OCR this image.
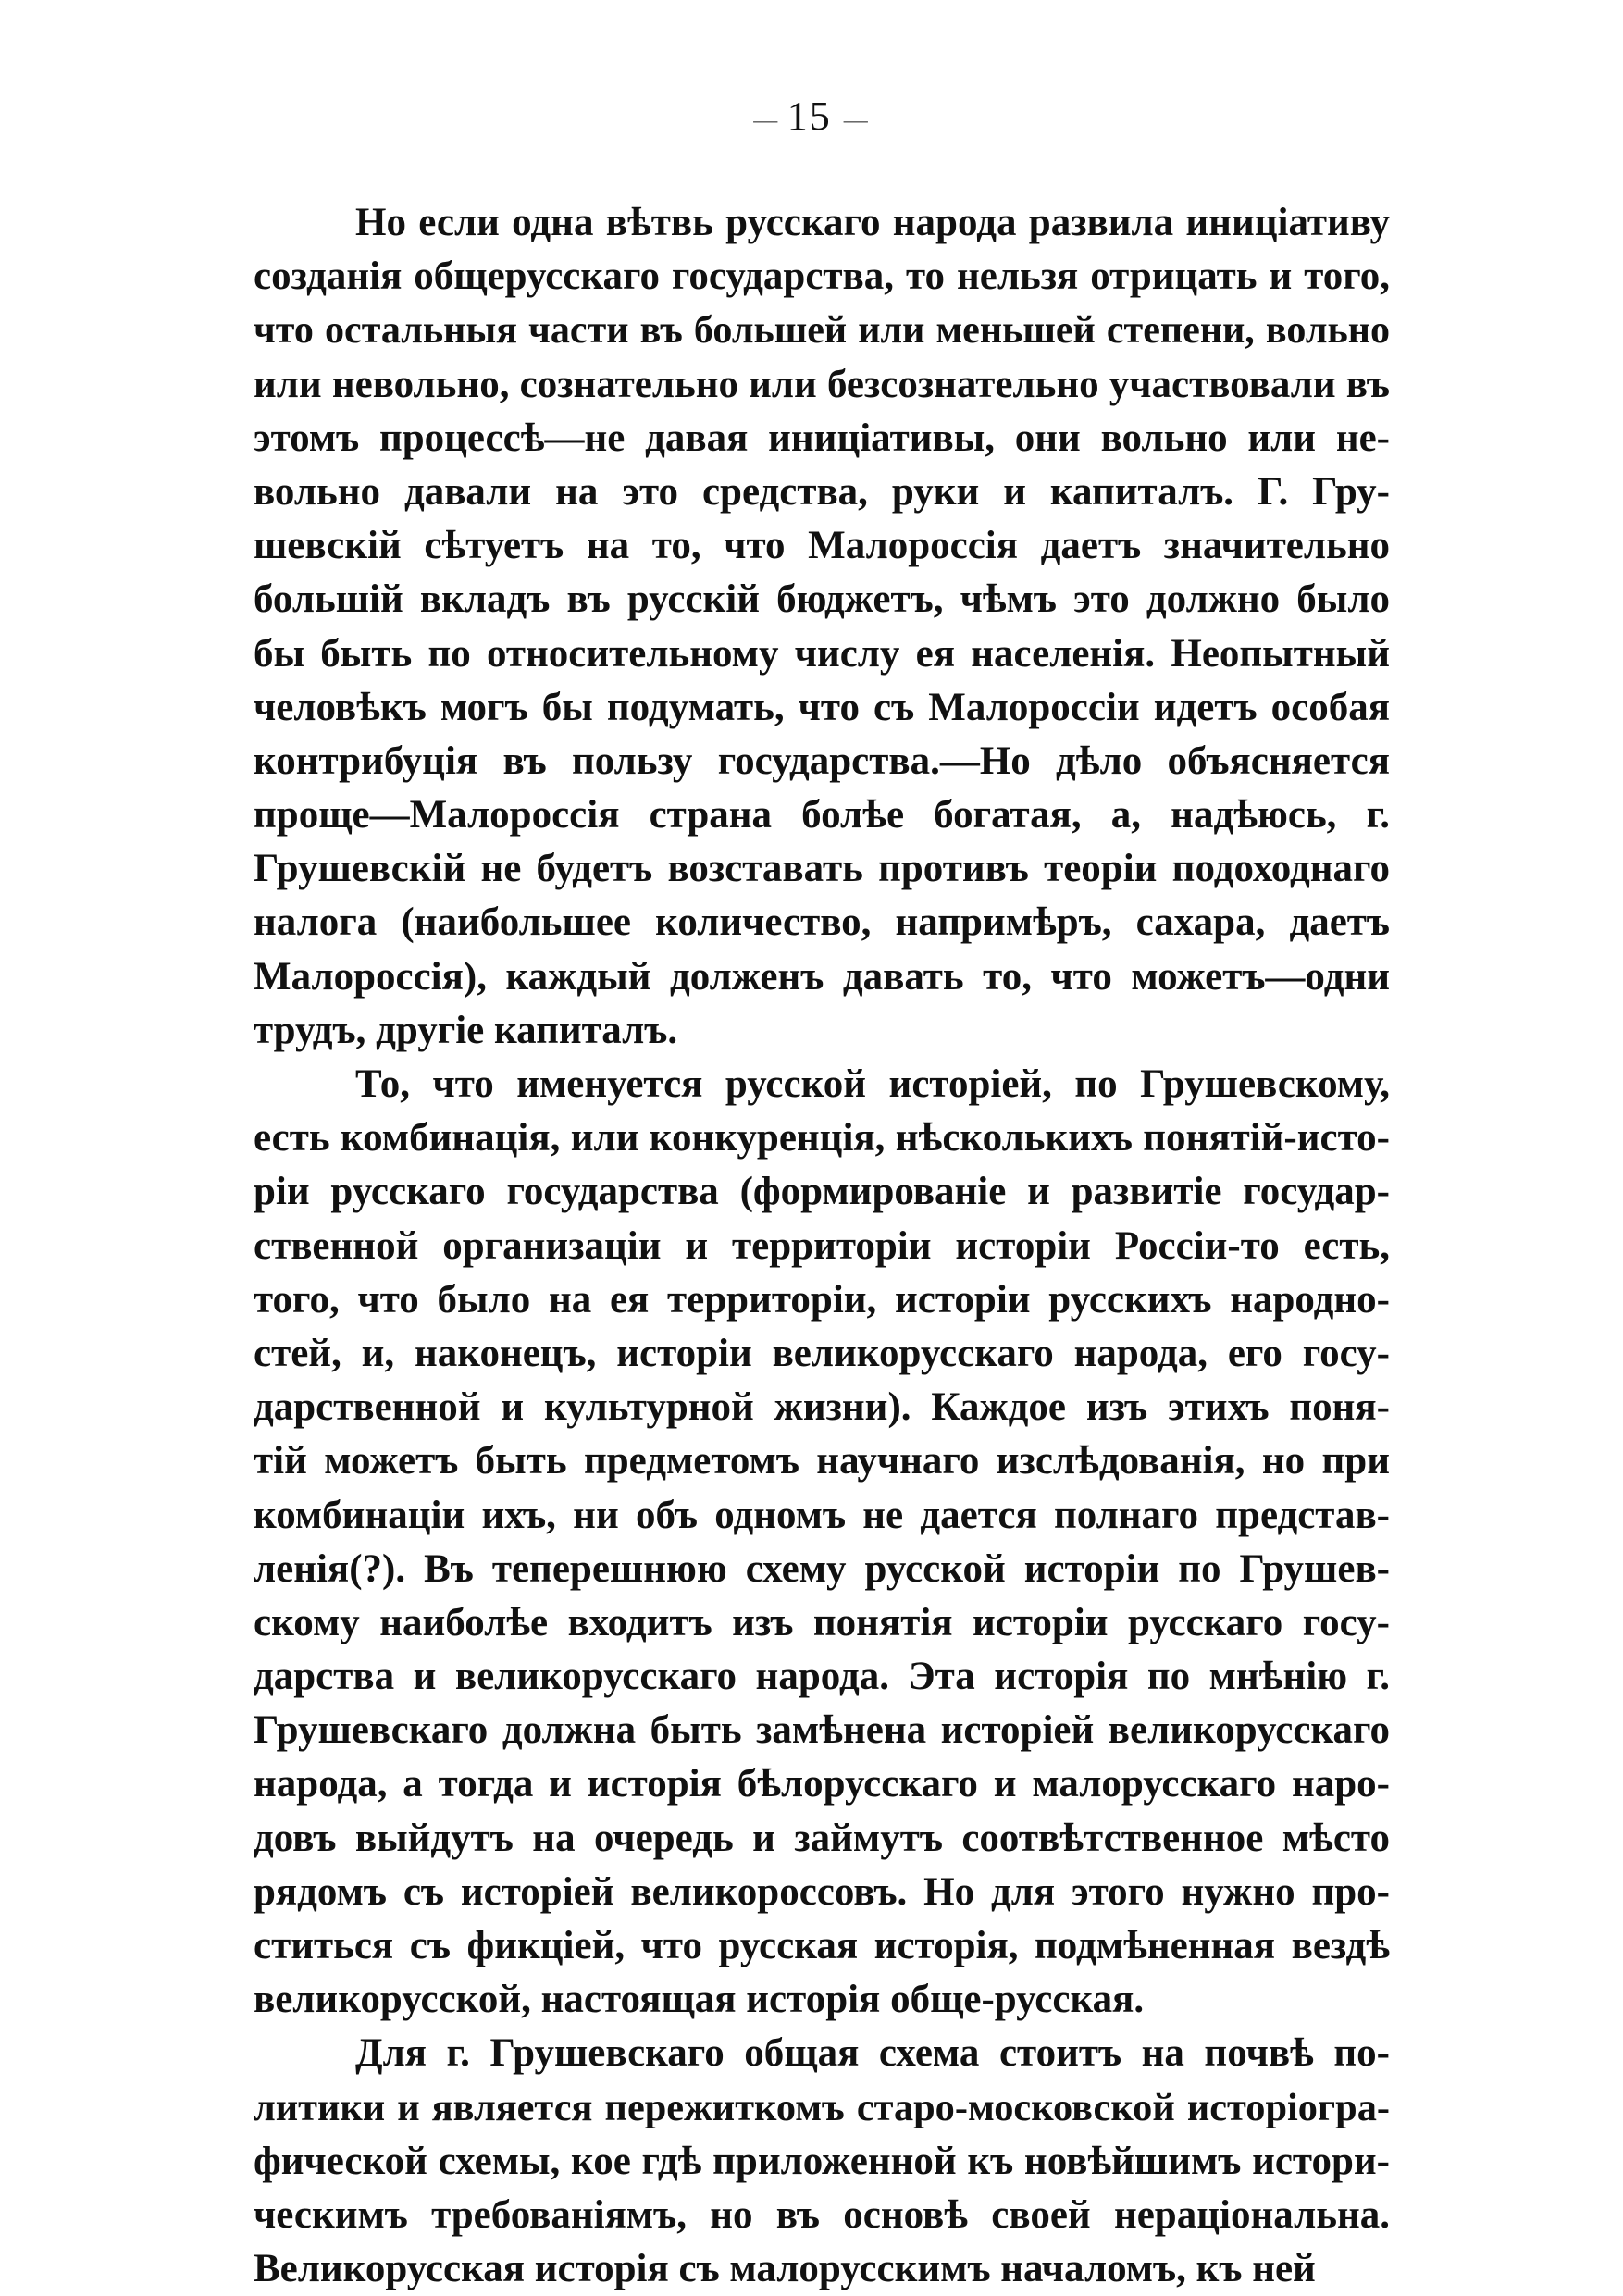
— 15 —
Но если одна вѣтвь русскаго народа развила иниціативу
созданія общерусскаго государства, то нельзя отрицать и того,
что остальныя части въ большей или меньшей степени, вольно
или невольно, сознательно или безсознательно участвовали въ
этомъ процессѣ—не давая иниціативы, они вольно или не-
вольно давали на это средства, руки и капиталъ. Г. Гру-
шевскій сѣтуетъ на то, что Малороссія даетъ значительно
большій вкладъ въ русскій бюджетъ, чѣмъ это должно было
бы быть по относительному числу ея населенія. Неопытный
человѣкъ могъ бы подумать, что съ Малороссіи идетъ особая
контрибуція въ пользу государства.—Но дѣло объясняется
проще—Малороссія страна болѣе богатая, а, надѣюсь, г.
Грушевскій не будетъ возставать противъ теоріи подоходнаго
налога (наибольшее количество, напримѣръ, сахара, даетъ
Малороссія), каждый долженъ давать то, что можетъ—одни
трудъ, другіе капиталъ.
То, что именуется русской исторіей, по Грушевскому,
есть комбинація, или конкуренція, нѣсколькихъ понятій-исто-
ріи русскаго государства (формированіе и развитіе государ-
ственной организаціи и территоріи исторіи Россіи-то есть,
того, что было на ея территоріи, исторіи русскихъ народно-
стей, и, наконецъ, исторіи великорусскаго народа, его госу-
дарственной и культурной жизни). Каждое изъ этихъ поня-
тій можетъ быть предметомъ научнаго изслѣдованія, но при
комбинаціи ихъ, ни объ одномъ не дается полнаго представ-
ленія(?). Въ теперешнюю схему русской исторіи по Грушев-
скому наиболѣе входитъ изъ понятія исторіи русскаго госу-
дарства и великорусскаго народа. Эта исторія по мнѣнію г.
Грушевскаго должна быть замѣнена исторіей великорусскаго
народа, а тогда и исторія бѣлорусскаго и малорусскаго наро-
довъ выйдутъ на очередь и займутъ соотвѣтственное мѣсто
рядомъ съ исторіей великороссовъ. Но для этого нужно про-
ститься съ фикціей, что русская исторія, подмѣненная вездѣ
великорусской, настоящая исторія обще-русская.
Для г. Грушевскаго общая схема стоитъ на почвѣ по-
литики и является пережиткомъ старо-московской исторіогра-
фической схемы, кое гдѣ приложенной къ новѣйшимъ истори-
ческимъ требованіямъ, но въ основѣ своей нераціональна.
Великорусская исторія съ малорусскимъ началомъ, къ ней
